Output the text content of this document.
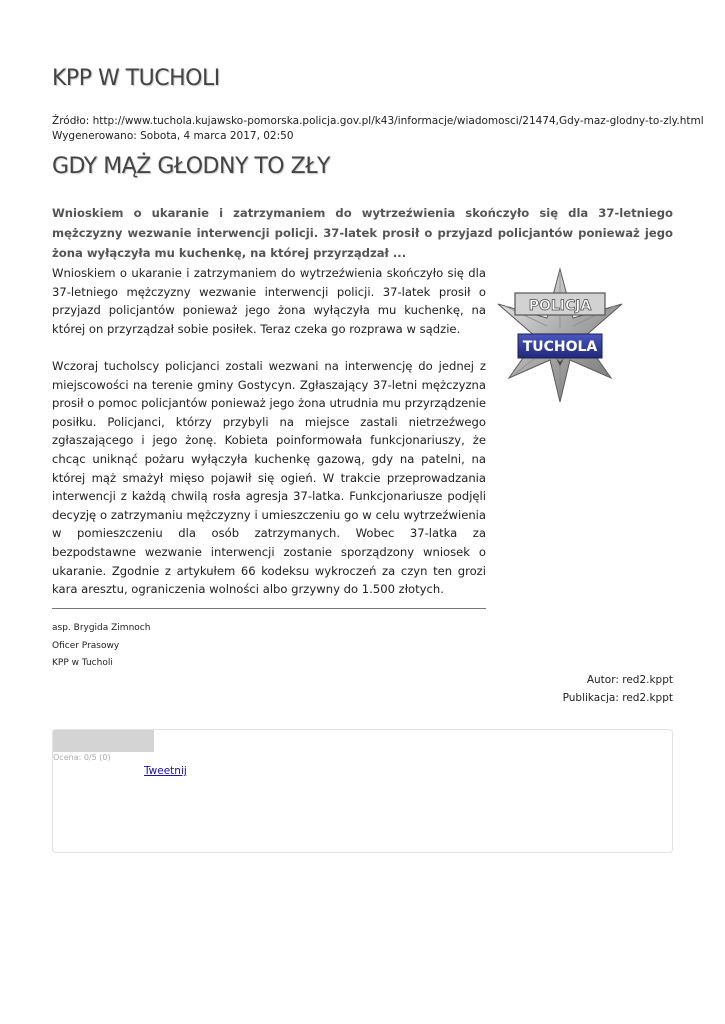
KPP W TUCHOLI
Źródło: http://www.tuchola.kujawsko-pomorska.policja.gov.pl/k43/informacje/wiadomosci/21474,Gdy-maz-glodny-to-zly.html
Wygenerowano: Sobota, 4 marca 2017, 02:50
GDY MĄŻ GŁODNY TO ZŁY

Wnioskiem o ukaranie i zatrzymaniem do wytrzeźwienia skończyło się dla 37-letniego mężczyzny wezwanie interwencji policji. 37-latek prosił o przyjazd policjantów ponieważ jego żona wyłączyła mu kuchenkę, na której przyrządzał ...

Wnioskiem o ukaranie i zatrzymaniem do wytrzeźwienia skończyło się dla 37-letniego mężczyzny wezwanie interwencji policji. 37-latek prosił o przyjazd policjantów ponieważ jego żona wyłączyła mu kuchenkę, na której on przyrządzał sobie posiłek. Teraz czeka go rozprawa w sądzie.

Wczoraj tucholscy policjanci zostali wezwani na interwencję do jednej z miejscowości na terenie gminy Gostycyn. Zgłaszający 37-letni mężczyzna prosił o pomoc policjantów ponieważ jego żona utrudnia mu przyrządzenie posiłku. Policjanci, którzy przybyli na miejsce zastali nietrzeźwego zgłaszającego i jego żonę. Kobieta poinformowała funkcjonariuszy, że chcąc uniknąć pożaru wyłączyła kuchenkę gazową, gdy na patelni, na której mąż smażył mięso pojawił się ogień. W trakcie przeprowadzania interwencji z każdą chwilą rosła agresja 37-latka. Funkcjonariusze podjęli decyzję o zatrzymaniu mężczyzny i umieszczeniu go w celu wytrzeźwienia w pomieszczeniu dla osób zatrzymanych. Wobec 37-latka za bezpodstawne wezwanie interwencji zostanie sporządzony wniosek o ukaranie. Zgodnie z artykułem 66 kodeksu wykroczeń za czyn ten grozi kara aresztu, ograniczenia wolności albo grzywny do 1.500 złotych.

POLICJA
TUCHOLA
asp. Brygida Zimnoch
Oficer Prasowy
KPP w Tucholi
Autor: red2.kppt
Publikacja: red2.kppt
Ocena: 0/5 (0)
Tweetnij
